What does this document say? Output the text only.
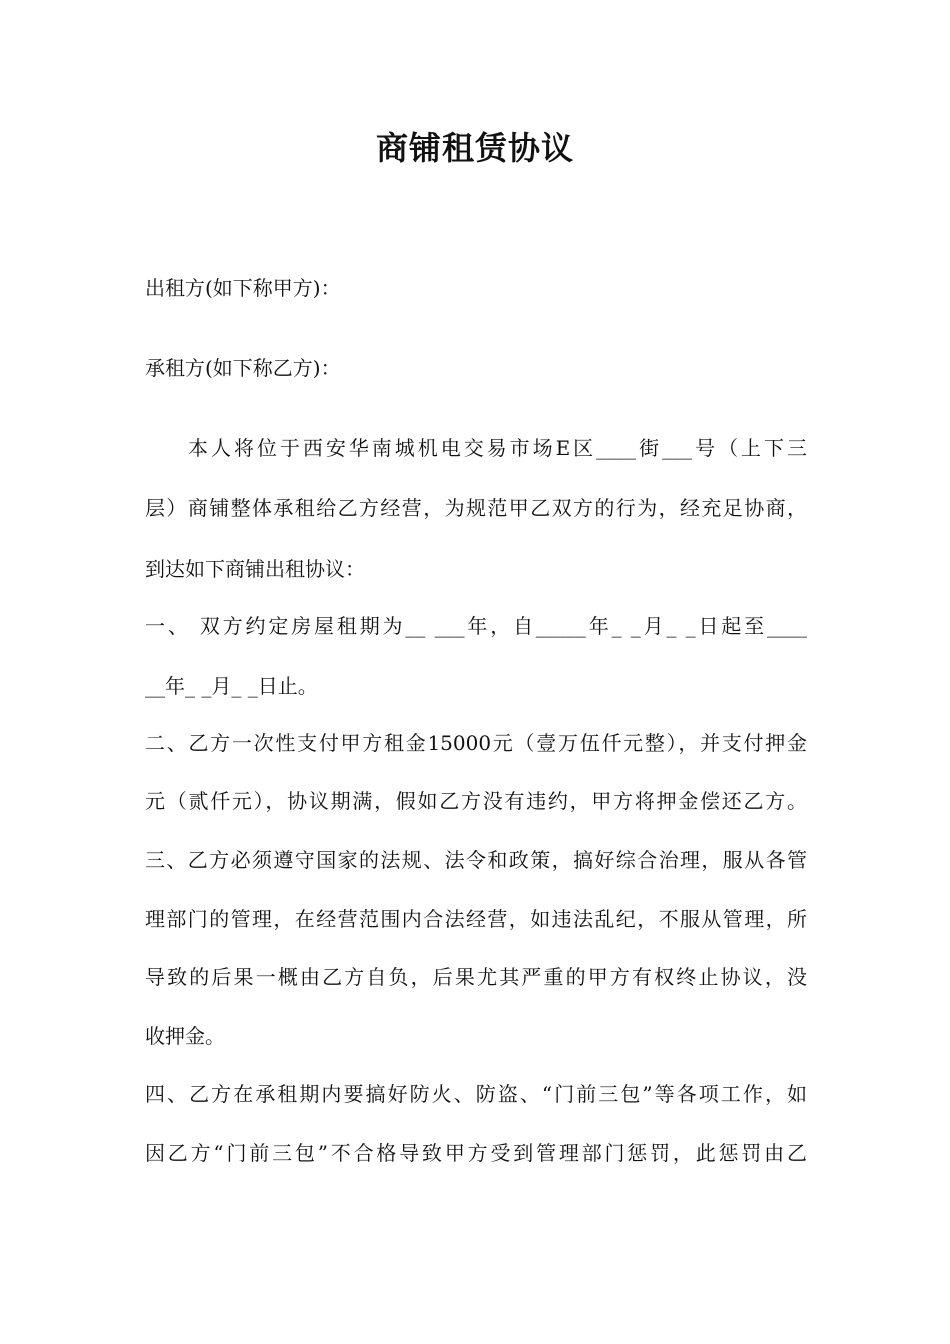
商铺租赁协议
出租方(如下称甲方)：
承租方(如下称乙方)：
本人将位于西安华南城机电交易市场E区____街___号（上下三
层）商铺整体承租给乙方经营，为规范甲乙双方的行为，经充足协商，
到达如下商铺出租协议：
一、 双方约定房屋租期为__ ___年，自_____年_ _月_ _日起至____
__年_ _月_ _日止。
二、乙方一次性支付甲方租金15000元（壹万伍仟元整），并支付押金
元（贰仟元），协议期满，假如乙方没有违约，甲方将押金偿还乙方。
三、乙方必须遵守国家的法规、法令和政策，搞好综合治理，服从各管
理部门的管理，在经营范围内合法经营，如违法乱纪，不服从管理，所
导致的后果一概由乙方自负，后果尤其严重的甲方有权终止协议，没
收押金。
四、乙方在承租期内要搞好防火、防盗、“门前三包”等各项工作，如
因乙方“门前三包”不合格导致甲方受到管理部门惩罚，此惩罚由乙
